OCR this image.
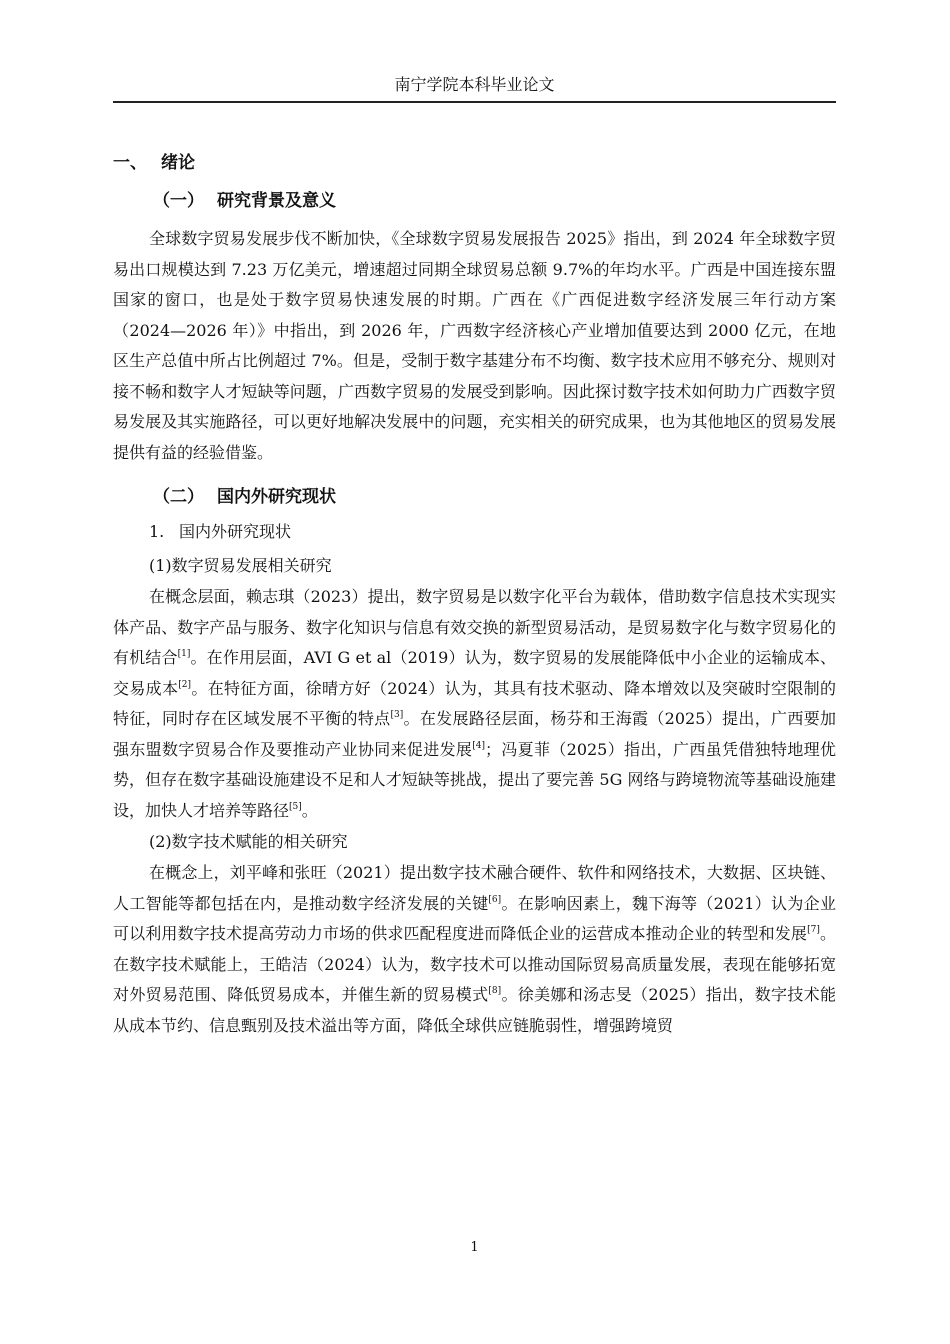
南宁学院本科毕业论文
一、 绪论
（一） 研究背景及意义

全球数字贸易发展步伐不断加快，《全球数字贸易发展报告 2025》指出，到 2024 年全球数字贸易出口规模达到 7.23 万亿美元，增速超过同期全球贸易总额 9.7%的年均水平。广西是中国连接东盟国家的窗口，也是处于数字贸易快速发展的时期。广西在《广西促进数字经济发展三年行动方案（2024—2026 年）》中指出，到 2026 年，广西数字经济核心产业增加值要达到 2000 亿元，在地区生产总值中所占比例超过 7%。但是，受制于数字基建分布不均衡、数字技术应用不够充分、规则对接不畅和数字人才短缺等问题，广西数字贸易的发展受到影响。因此探讨数字技术如何助力广西数字贸易发展及其实施路径，可以更好地解决发展中的问题，充实相关的研究成果，也为其他地区的贸易发展提供有益的经验借鉴。

（二） 国内外研究现状
1. 国内外研究现状
(1)数字贸易发展相关研究

在概念层面，赖志琪（2023）提出，数字贸易是以数字化平台为载体，借助数字信息技术实现实体产品、数字产品与服务、数字化知识与信息有效交换的新型贸易活动，是贸易数字化与数字贸易化的有机结合[1]。在作用层面，AVI G et al（2019）认为，数字贸易的发展能降低中小企业的运输成本、交易成本[2]。在特征方面，徐晴方好（2024）认为，其具有技术驱动、降本增效以及突破时空限制的特征，同时存在区域发展不平衡的特点[3]。在发展路径层面，杨芬和王海霞（2025）提出，广西要加强东盟数字贸易合作及要推动产业协同来促进发展[4]；冯夏菲（2025）指出，广西虽凭借独特地理优势，但存在数字基础设施建设不足和人才短缺等挑战，提出了要完善 5G 网络与跨境物流等基础设施建设，加快人才培养等路径[5]。

(2)数字技术赋能的相关研究

在概念上，刘平峰和张旺（2021）提出数字技术融合硬件、软件和网络技术，大数据、区块链、人工智能等都包括在内，是推动数字经济发展的关键[6]。在影响因素上，魏下海等（2021）认为企业可以利用数字技术提高劳动力市场的供求匹配程度进而降低企业的运营成本推动企业的转型和发展[7]。在数字技术赋能上，王皓洁（2024）认为，数字技术可以推动国际贸易高质量发展，表现在能够拓宽对外贸易范围、降低贸易成本，并催生新的贸易模式[8]。徐美娜和汤志旻（2025）指出，数字技术能从成本节约、信息甄别及技术溢出等方面，降低全球供应链脆弱性，增强跨境贸

1
